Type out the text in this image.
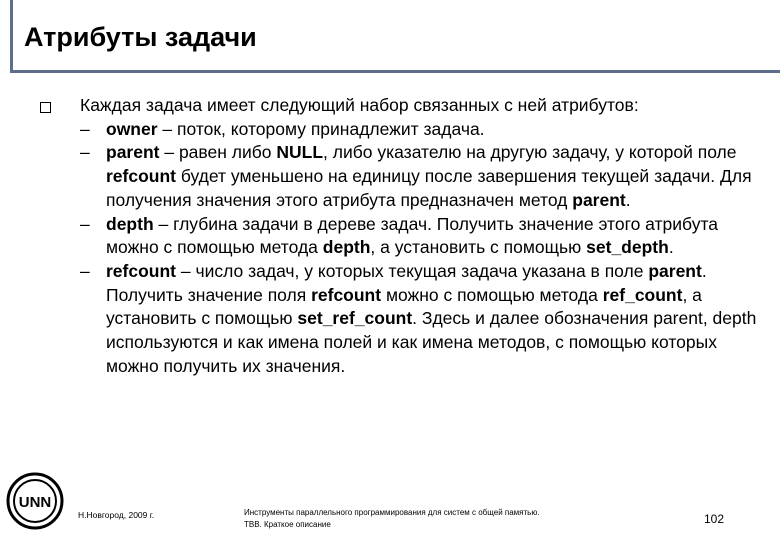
Атрибуты задачи

Каждая задача имеет следующий набор связанных с ней атрибутов:

– owner – поток, которому принадлежит задача.

– parent – равен либо NULL, либо указателю на другую задачу, у которой поле refcount будет уменьшено на единицу после завершения текущей задачи. Для получения значения этого атрибута предназначен метод parent.

– depth – глубина задачи в дереве задач. Получить значение этого атрибута можно с помощью метода depth, а установить с помощью set_depth.

– refcount – число задач, у которых текущая задача указана в поле parent. Получить значение поля refcount можно с помощью метода ref_count, а установить с помощью set_ref_count. Здесь и далее обозначения parent, depth используются и как имена полей и как имена методов, с помощью которых можно получить их значения.

UNN
Н.Новгород, 2009 г.	Инструменты параллельного программирования для систем с общей памятью.
ТВВ. Краткое описание	102
